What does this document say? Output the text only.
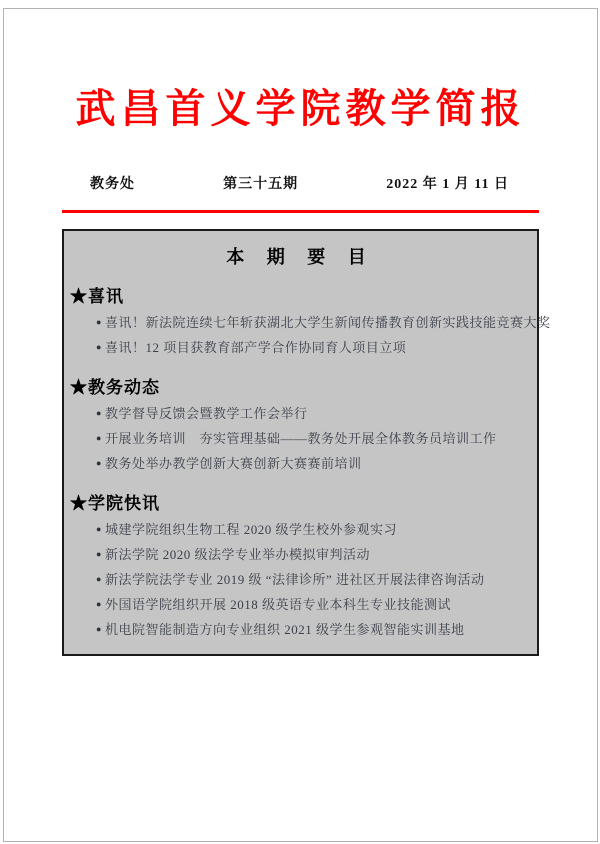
武昌首义学院教学简报
教务处	第三十五期	2022 年 1 月 11 日
本 期 要 目
★喜讯
● 喜讯！新法院连续七年斩获湖北大学生新闻传播教育创新实践技能竞赛大奖
● 喜讯！12 项目获教育部产学合作协同育人项目立项
★教务动态
● 教学督导反馈会暨教学工作会举行
● 开展业务培训　夯实管理基础——教务处开展全体教务员培训工作
● 教务处举办教学创新大赛创新大赛赛前培训
★学院快讯
● 城建学院组织生物工程 2020 级学生校外参观实习
● 新法学院 2020 级法学专业举办模拟审判活动
● 新法学院法学专业 2019 级 “法律诊所” 进社区开展法律咨询活动
● 外国语学院组织开展 2018 级英语专业本科生专业技能测试
● 机电院智能制造方向专业组织 2021 级学生参观智能实训基地
